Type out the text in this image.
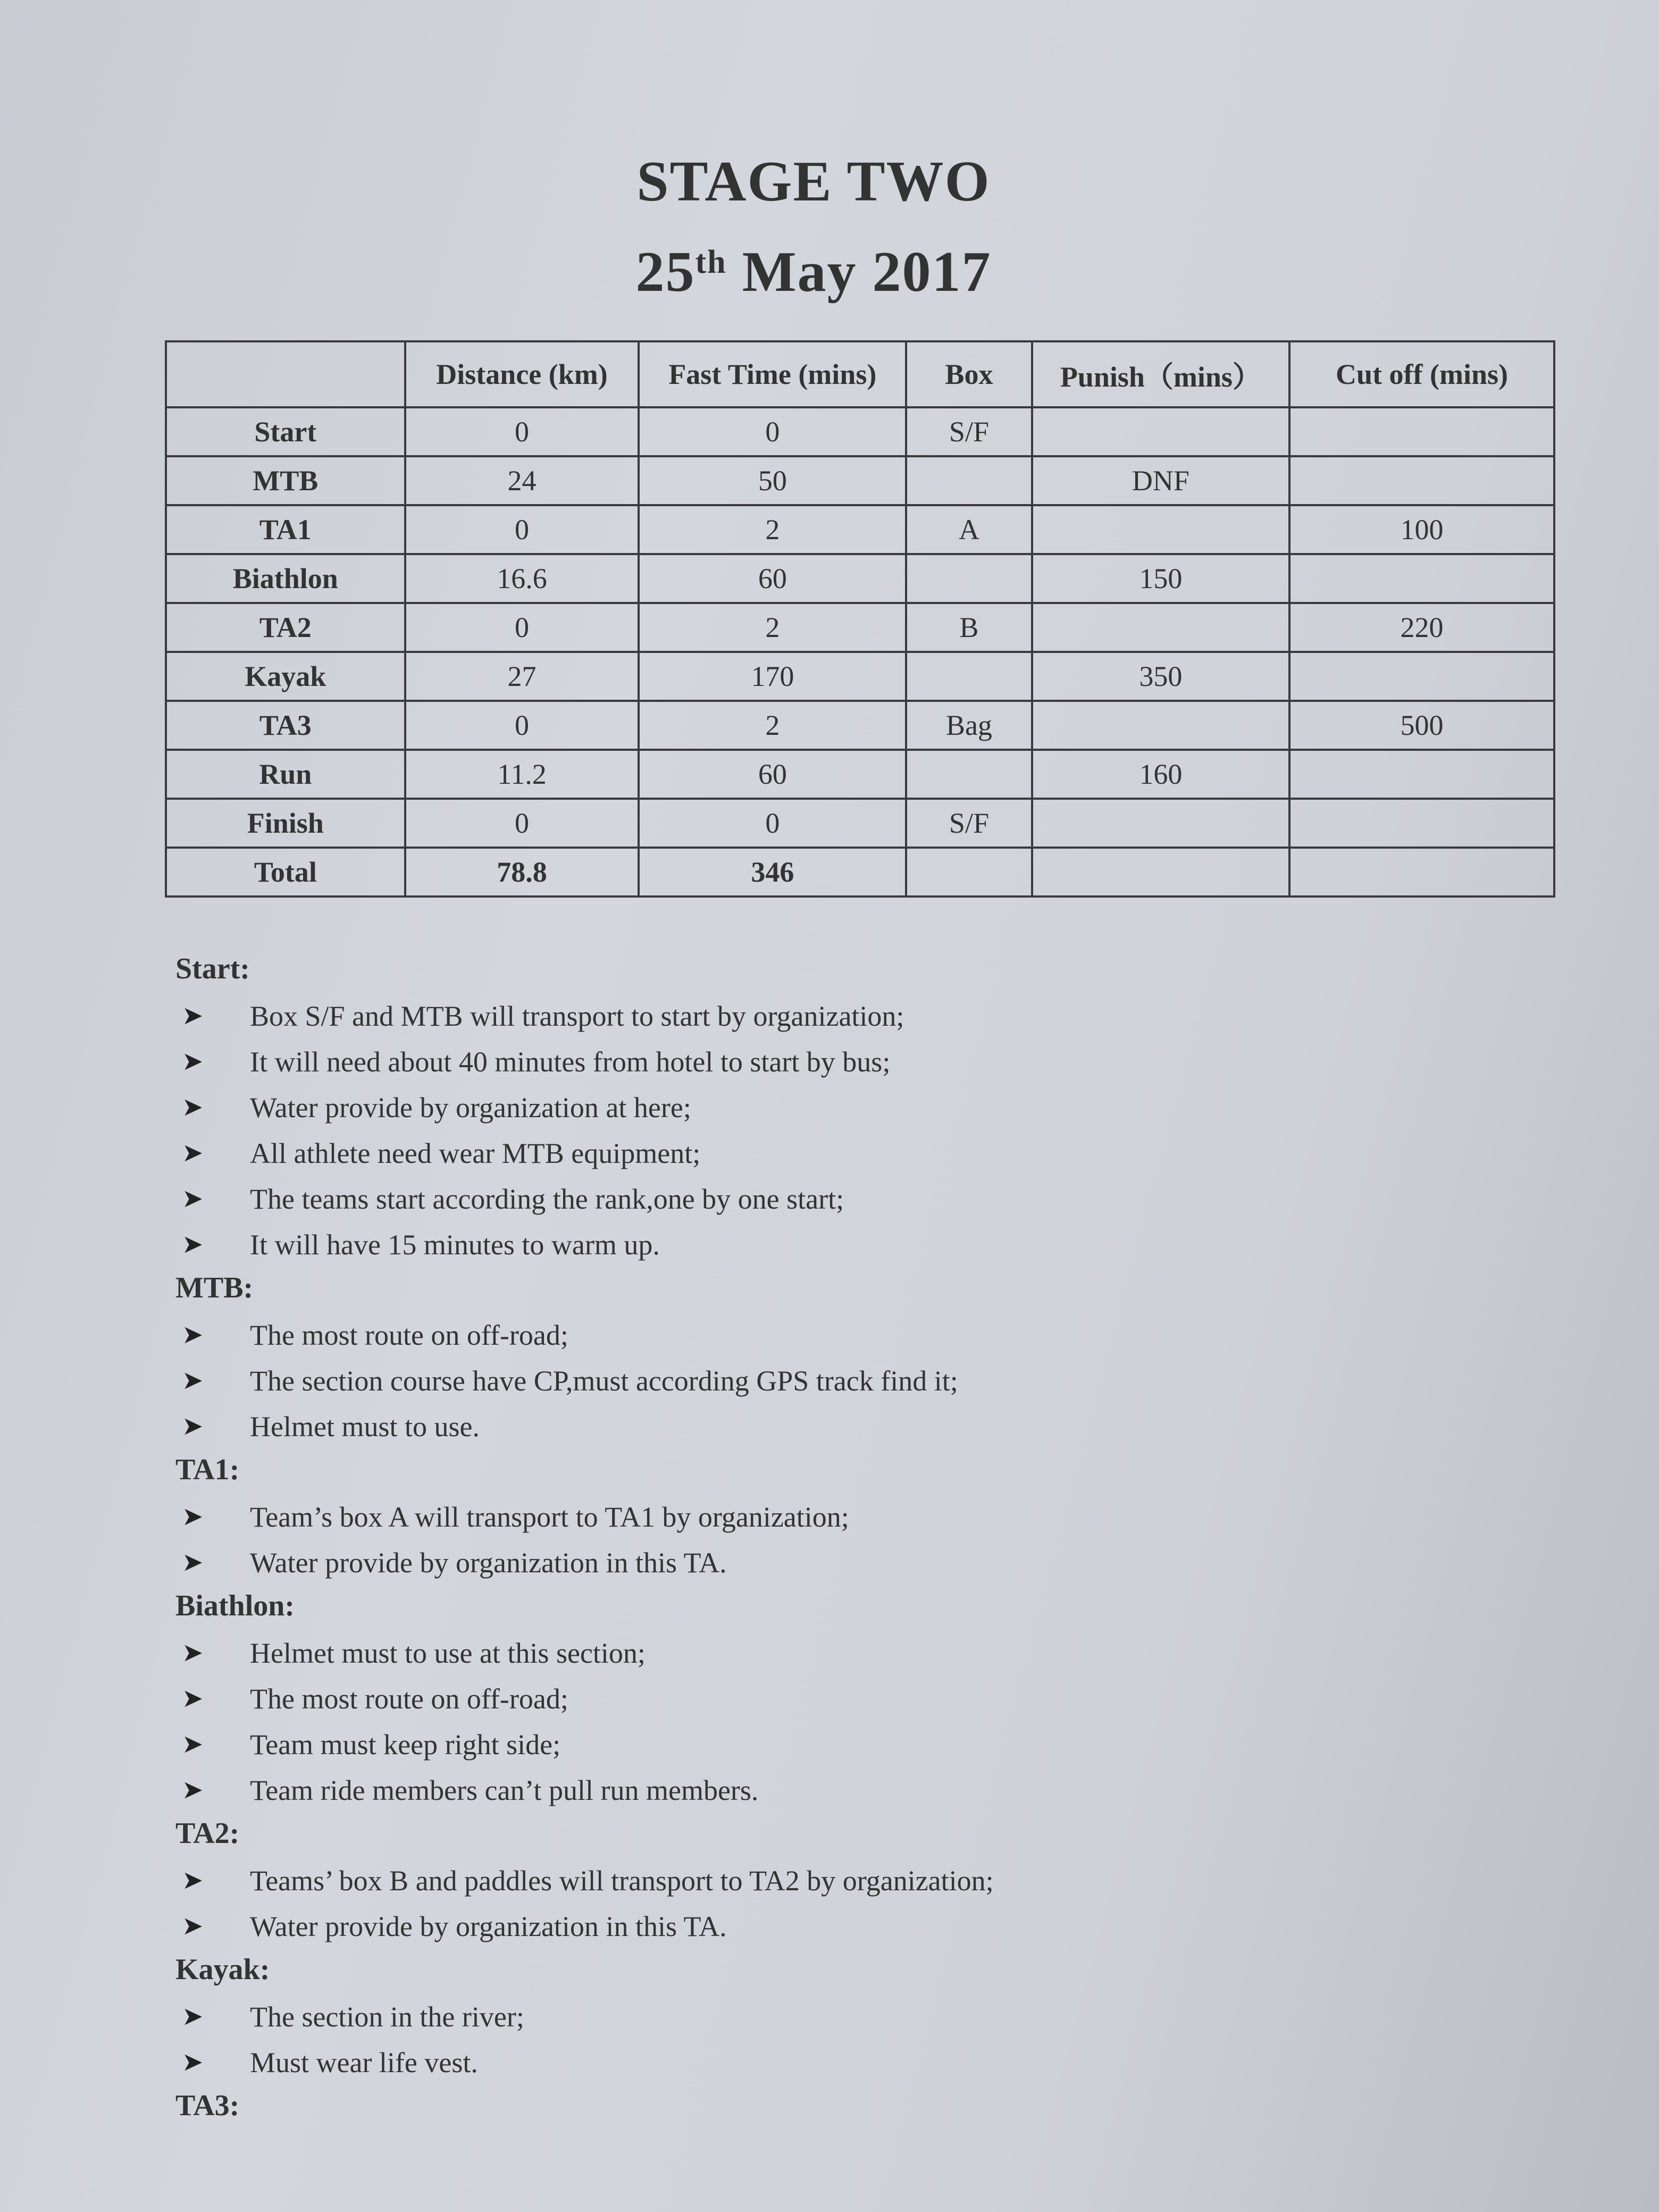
STAGE TWO
25th May 2017
	Distance (km)	Fast Time (mins)	Box	Punish（mins）	Cut off (mins)
Start	0	0	S/F		
MTB	24	50		DNF	
TA1	0	2	A		100
Biathlon	16.6	60		150	
TA2	0	2	B		220
Kayak	27	170		350	
TA3	0	2	Bag		500
Run	11.2	60		160	
Finish	0	0	S/F		
Total	78.8	346			
Start:
➤ Box S/F and MTB will transport to start by organization;
➤ It will need about 40 minutes from hotel to start by bus;
➤ Water provide by organization at here;
➤ All athlete need wear MTB equipment;
➤ The teams start according the rank,one by one start;
➤ It will have 15 minutes to warm up.
MTB:
➤ The most route on off-road;
➤ The section course have CP,must according GPS track find it;
➤ Helmet must to use.
TA1:
➤ Team’s box A will transport to TA1 by organization;
➤ Water provide by organization in this TA.
Biathlon:
➤ Helmet must to use at this section;
➤ The most route on off-road;
➤ Team must keep right side;
➤ Team ride members can’t pull run members.
TA2:
➤ Teams’ box B and paddles will transport to TA2 by organization;
➤ Water provide by organization in this TA.
Kayak:
➤ The section in the river;
➤ Must wear life vest.
TA3:
